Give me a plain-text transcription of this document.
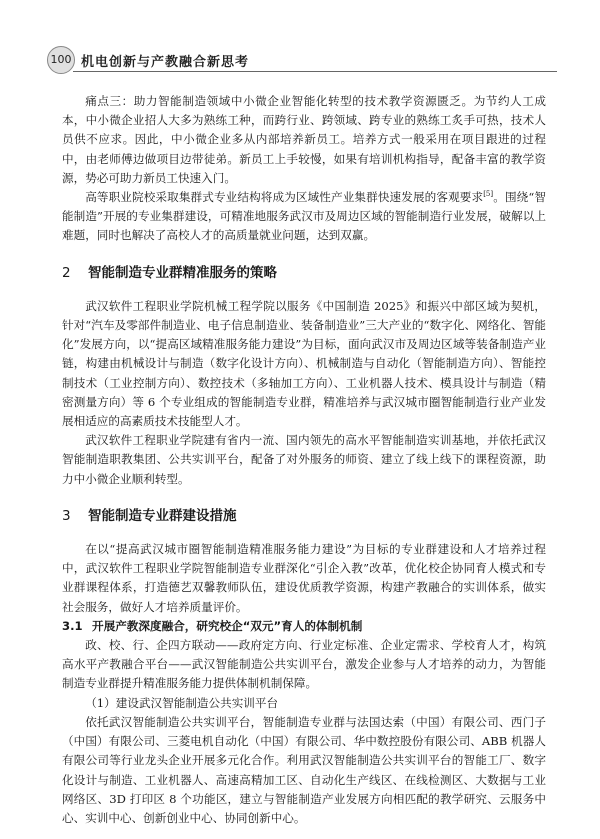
100 机电创新与产教融合新思考

痛点三：助力智能制造领域中小微企业智能化转型的技术教学资源匮乏。为节约人工成本，中小微企业招人大多为熟练工种，而跨行业、跨领域、跨专业的熟练工炙手可热，技术人员供不应求。因此，中小微企业多从内部培养新员工。培养方式一般采用在项目跟进的过程中，由老师傅边做项目边带徒弟。新员工上手较慢，如果有培训机构指导，配备丰富的教学资源，势必可助力新员工快速入门。

高等职业院校采取集群式专业结构将成为区域性产业集群快速发展的客观要求[5]。围绕“智能制造”开展的专业集群建设，可精准地服务武汉市及周边区域的智能制造行业发展，破解以上难题，同时也解决了高校人才的高质量就业问题，达到双赢。

2 智能制造专业群精准服务的策略

武汉软件工程职业学院机械工程学院以服务《中国制造 2025》和振兴中部区域为契机，针对“汽车及零部件制造业、电子信息制造业、装备制造业”三大产业的“数字化、网络化、智能化”发展方向，以“提高区域精准服务能力建设”为目标，面向武汉市及周边区域等装备制造产业链，构建由机械设计与制造（数字化设计方向）、机械制造与自动化（智能制造方向）、智能控制技术（工业控制方向）、数控技术（多轴加工方向）、工业机器人技术、模具设计与制造（精密测量方向）等 6 个专业组成的智能制造专业群，精准培养与武汉城市圈智能制造行业产业发展相适应的高素质技术技能型人才。

武汉软件工程职业学院建有省内一流、国内领先的高水平智能制造实训基地，并依托武汉智能制造职教集团、公共实训平台，配备了对外服务的师资、建立了线上线下的课程资源，助力中小微企业顺利转型。

3 智能制造专业群建设措施

在以“提高武汉城市圈智能制造精准服务能力建设”为目标的专业群建设和人才培养过程中，武汉软件工程职业学院智能制造专业群深化“引企入教”改革，优化校企协同育人模式和专业群课程体系，打造德艺双馨教师队伍，建设优质教学资源，构建产教融合的实训体系，做实社会服务，做好人才培养质量评价。

3.1 开展产教深度融合，研究校企“双元”育人的体制机制

政、校、行、企四方联动——政府定方向、行业定标准、企业定需求、学校育人才，构筑高水平产教融合平台——武汉智能制造公共实训平台，激发企业参与人才培养的动力，为智能制造专业群提升精准服务能力提供体制机制保障。

（1）建设武汉智能制造公共实训平台

依托武汉智能制造公共实训平台，智能制造专业群与法国达索（中国）有限公司、西门子（中国）有限公司、三菱电机自动化（中国）有限公司、华中数控股份有限公司、ABB 机器人有限公司等行业龙头企业开展多元化合作。利用武汉智能制造公共实训平台的智能工厂、数字化设计与制造、工业机器人、高速高精加工区、自动化生产线区、在线检测区、大数据与工业网络区、3D 打印区 8 个功能区，建立与智能制造产业发展方向相匹配的教学研究、云服务中心、实训中心、创新创业中心、协同创新中心。
